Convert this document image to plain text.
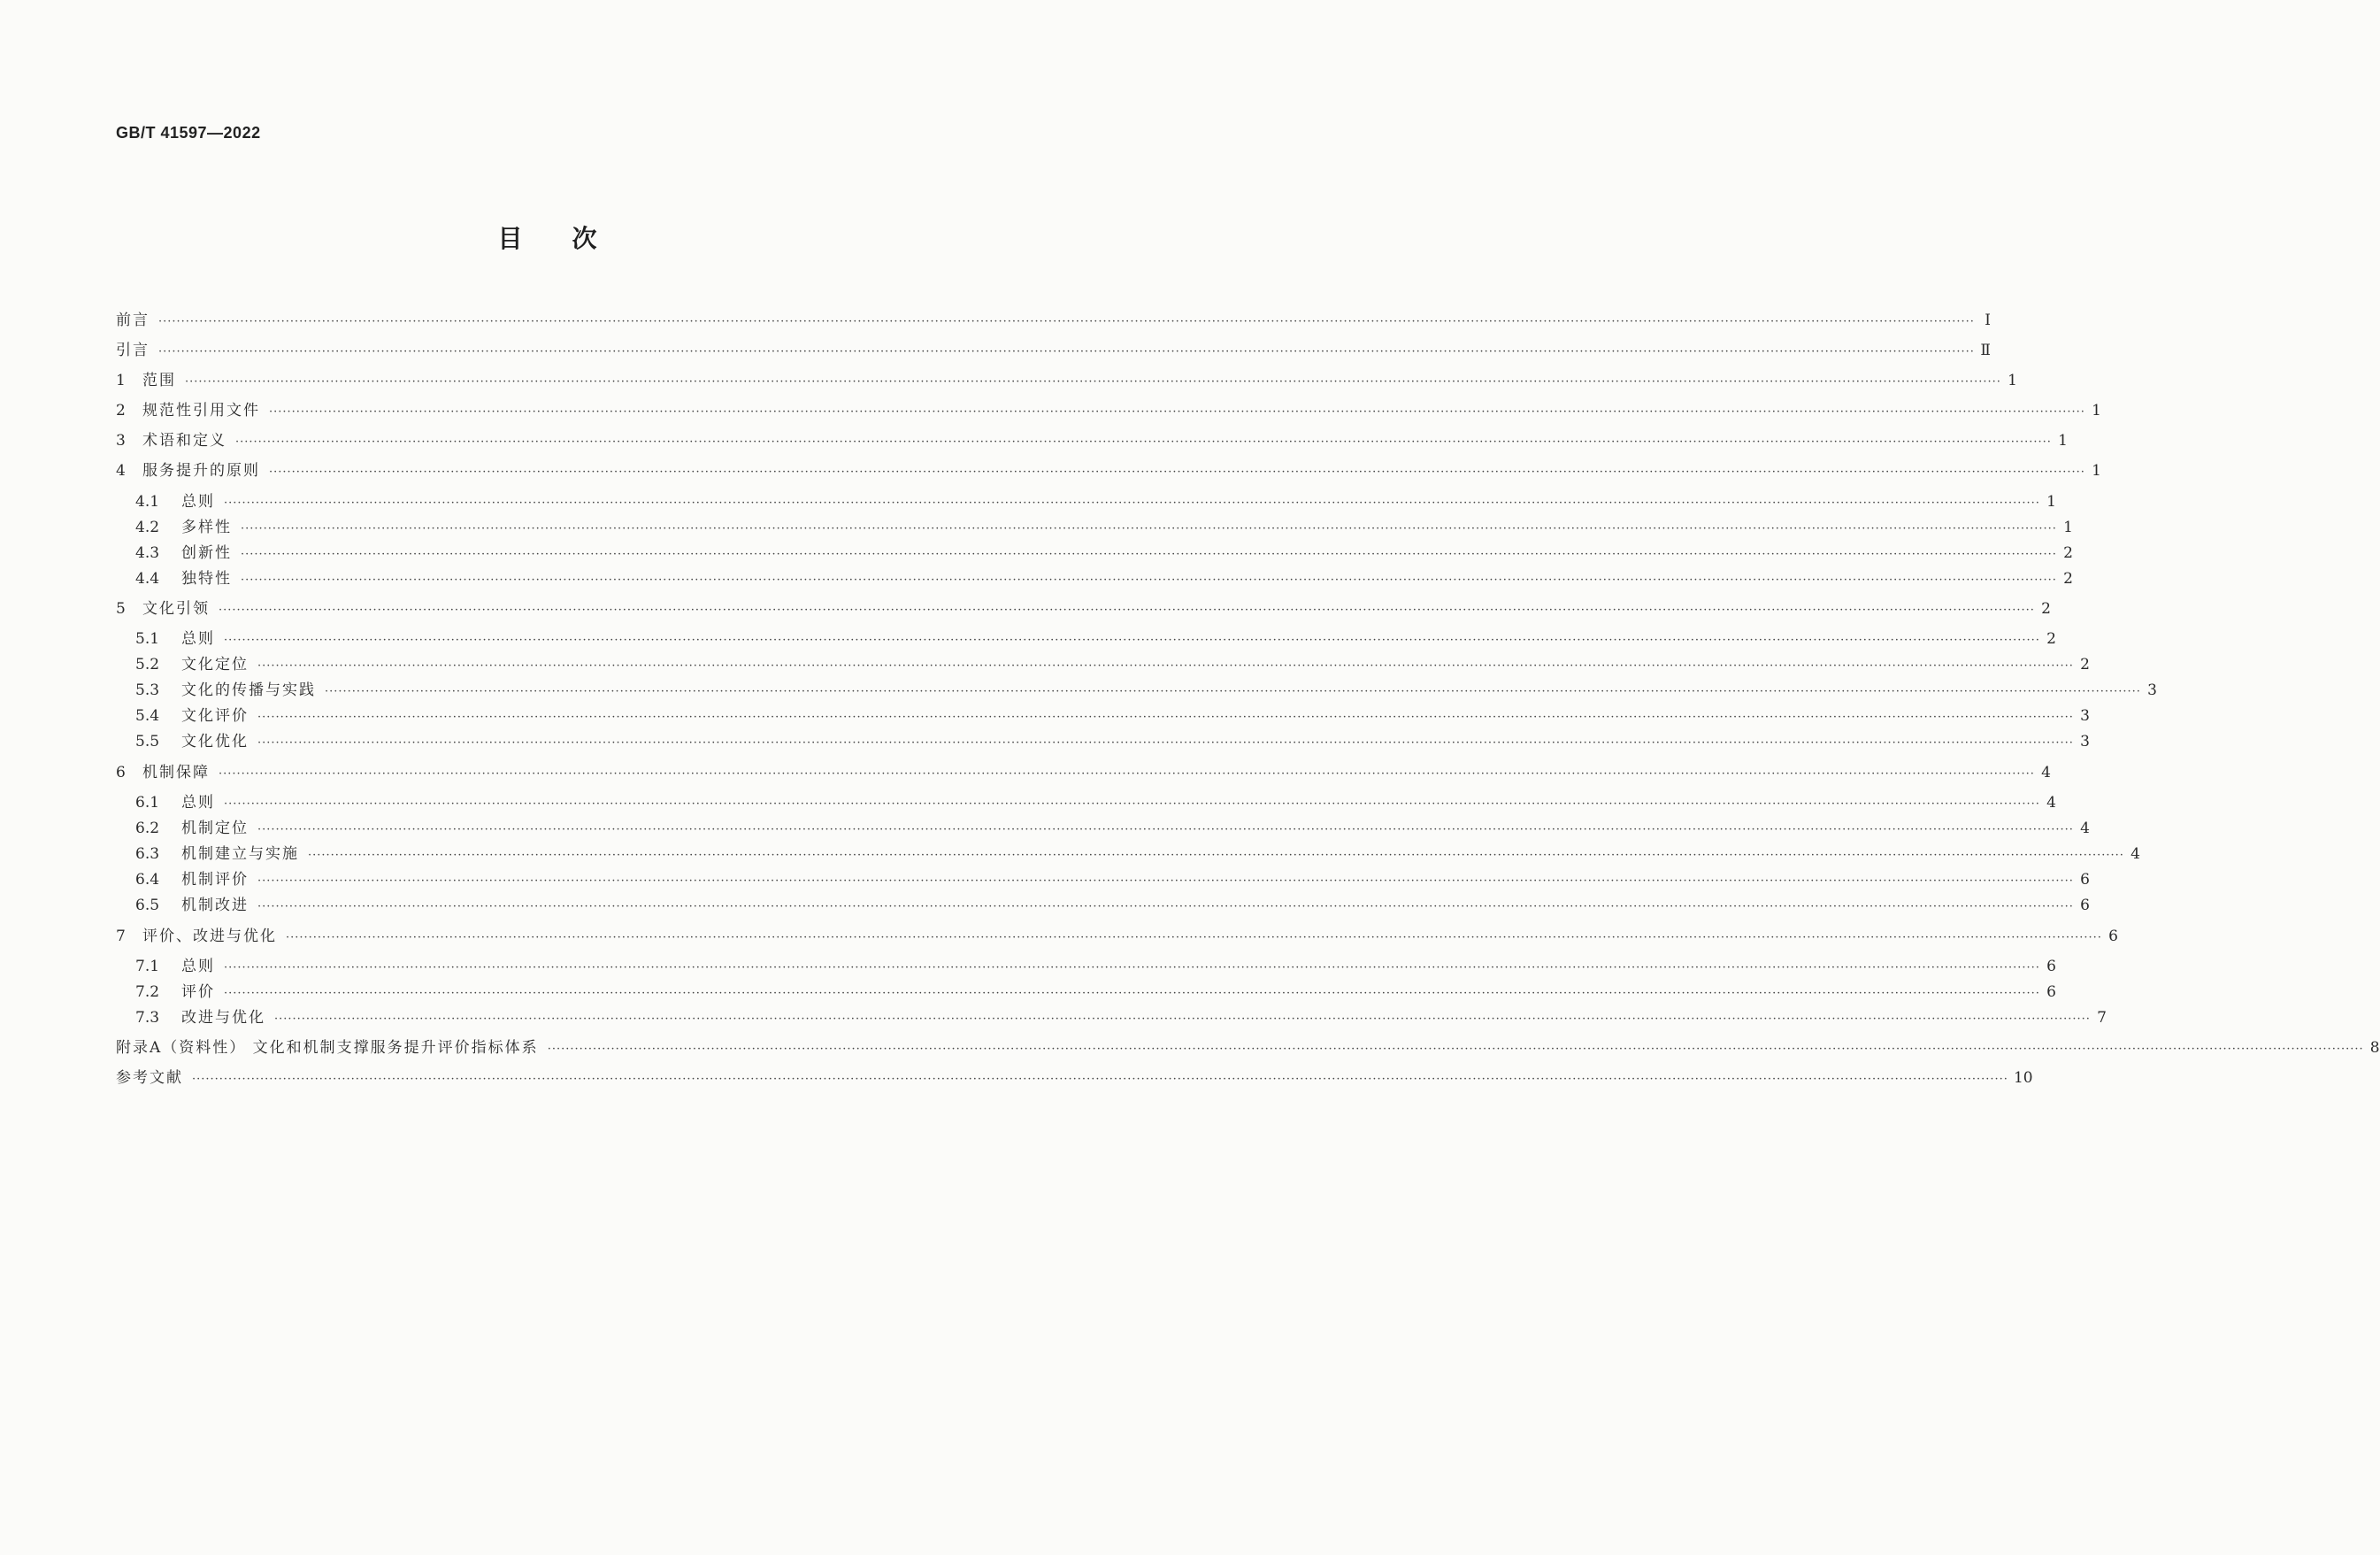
GB/T 41597—2022
目次
前言 ················································································································································································································································································································································································································ Ⅰ
引言 ················································································································································································································································································································································································································ Ⅱ
1	范围 ················································································································································································································································································································································································································ 1
2	规范性引用文件 ················································································································································································································································································································································································································ 1
3	术语和定义 ················································································································································································································································································································································································································ 1
4	服务提升的原则 ················································································································································································································································································································································································································ 1
4.1	总则 ················································································································································································································································································································································································································ 1
4.2	多样性 ················································································································································································································································································································································································································ 1
4.3	创新性 ················································································································································································································································································································································································································ 2
4.4	独特性 ················································································································································································································································································································································································································ 2
5	文化引领 ················································································································································································································································································································································································································ 2
5.1	总则 ················································································································································································································································································································································································································ 2
5.2	文化定位 ················································································································································································································································································································································································································ 2
5.3	文化的传播与实践 ················································································································································································································································································································································································································ 3
5.4	文化评价 ················································································································································································································································································································································································································ 3
5.5	文化优化 ················································································································································································································································································································································································································ 3
6	机制保障 ················································································································································································································································································································································································································ 4
6.1	总则 ················································································································································································································································································································································································································ 4
6.2	机制定位 ················································································································································································································································································································································································································ 4
6.3	机制建立与实施 ················································································································································································································································································································································································································ 4
6.4	机制评价 ················································································································································································································································································································································································································ 6
6.5	机制改进 ················································································································································································································································································································································································································ 6
7	评价、改进与优化 ················································································································································································································································································································································································································ 6
7.1	总则 ················································································································································································································································································································································································································ 6
7.2	评价 ················································································································································································································································································································································································································ 6
7.3	改进与优化 ················································································································································································································································································································································································································ 7
附录A（资料性） 文化和机制支撑服务提升评价指标体系 ················································································································································································································································································································································································································ 8
参考文献 ················································································································································································································································································································································································································ 10
